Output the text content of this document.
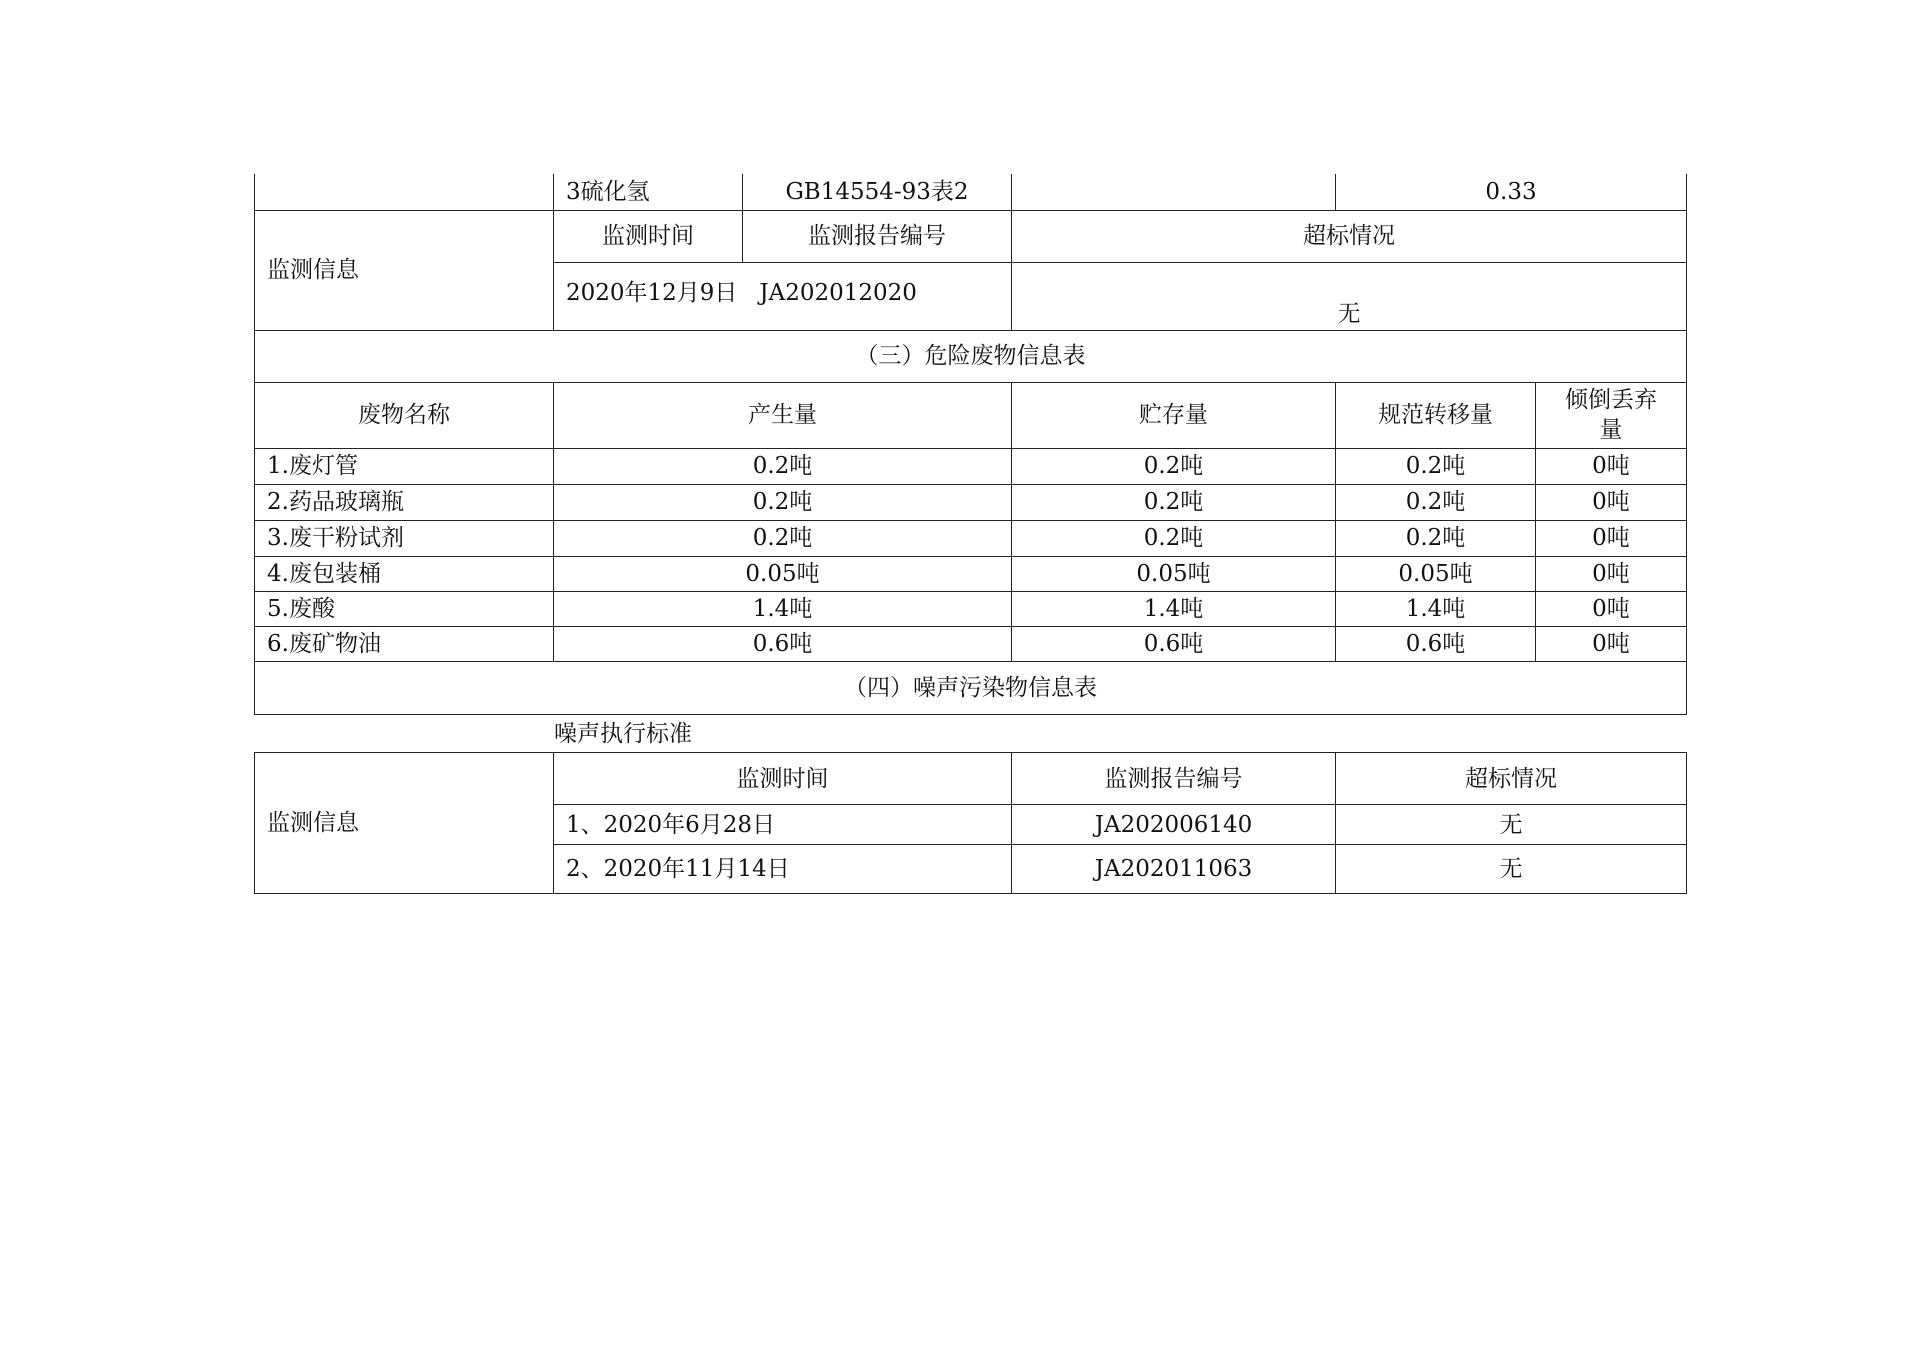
	3硫化氢	GB14554-93表2		0.33	
监测信息	监测时间	监测报告编号	超标情况		
	2020年12月9日 JA202012020		无		
（三）危险废物信息表					
废物名称	产生量		贮存量	规范转移量	倾倒丢弃量
1.废灯管	0.2吨		0.2吨	0.2吨	0吨
2.药品玻璃瓶	0.2吨		0.2吨	0.2吨	0吨
3.废干粉试剂	0.2吨		0.2吨	0.2吨	0吨
4.废包装桶	0.05吨		0.05吨	0.05吨	0吨
5.废酸	1.4吨		1.4吨	1.4吨	0吨
6.废矿物油	0.6吨		0.6吨	0.6吨	0吨
（四）噪声污染物信息表					
噪声执行标准
监测信息	监测时间	监测报告编号	超标情况
	1、2020年6月28日	JA202006140	无
	2、2020年11月14日	JA202011063	无
